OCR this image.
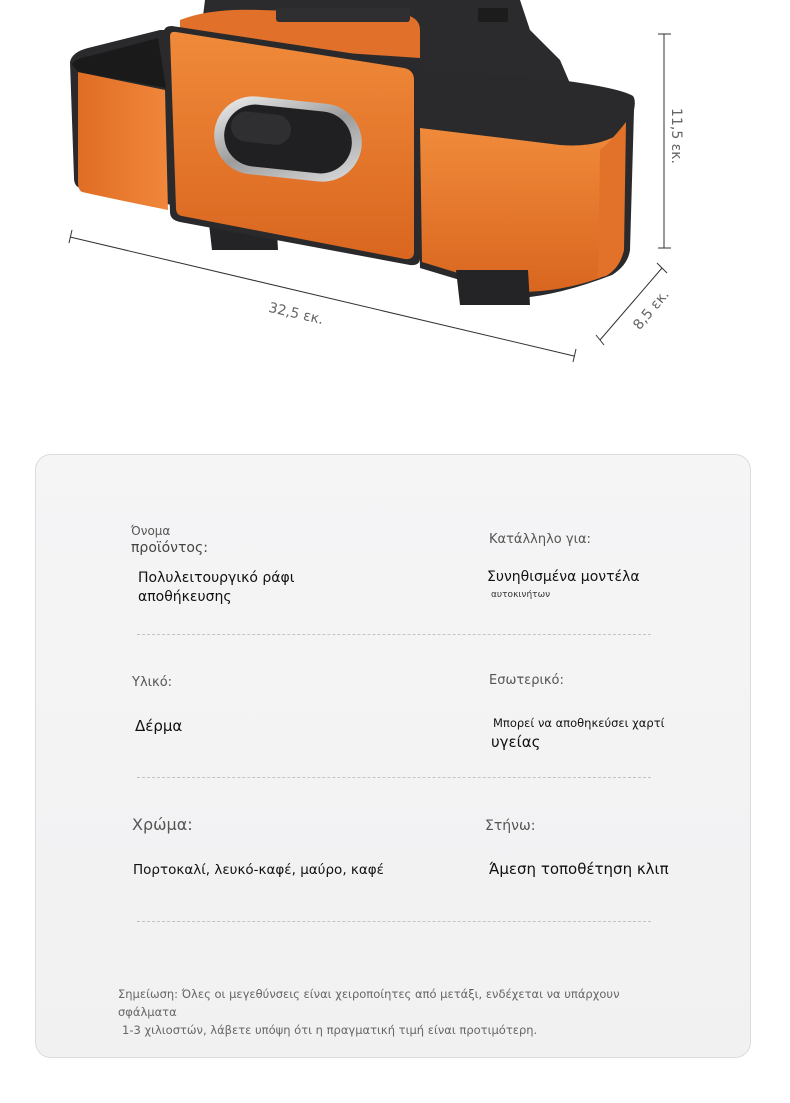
11,5 εκ.
32,5 εκ.	8,5 εκ.
Όνομα
προϊόντος:
Πολυλειτουργικό ράφι
αποθήκευσης
Κατάλληλο για:
Συνηθισμένα μοντέλα
αυτοκινήτων
Υλικό:
Δέρμα
Εσωτερικό:
Μπορεί να αποθηκεύσει χαρτί
υγείας
Χρώμα:
Πορτοκαλί, λευκό-καφέ, μαύρο, καφέ
Στήνω:
Άμεση τοποθέτηση κλιπ
Σημείωση: Όλες οι μεγεθύνσεις είναι χειροποίητες από μετάξι, ενδέχεται να υπάρχουν σφάλματα
1-3 χιλιοστών, λάβετε υπόψη ότι η πραγματική τιμή είναι προτιμότερη.
